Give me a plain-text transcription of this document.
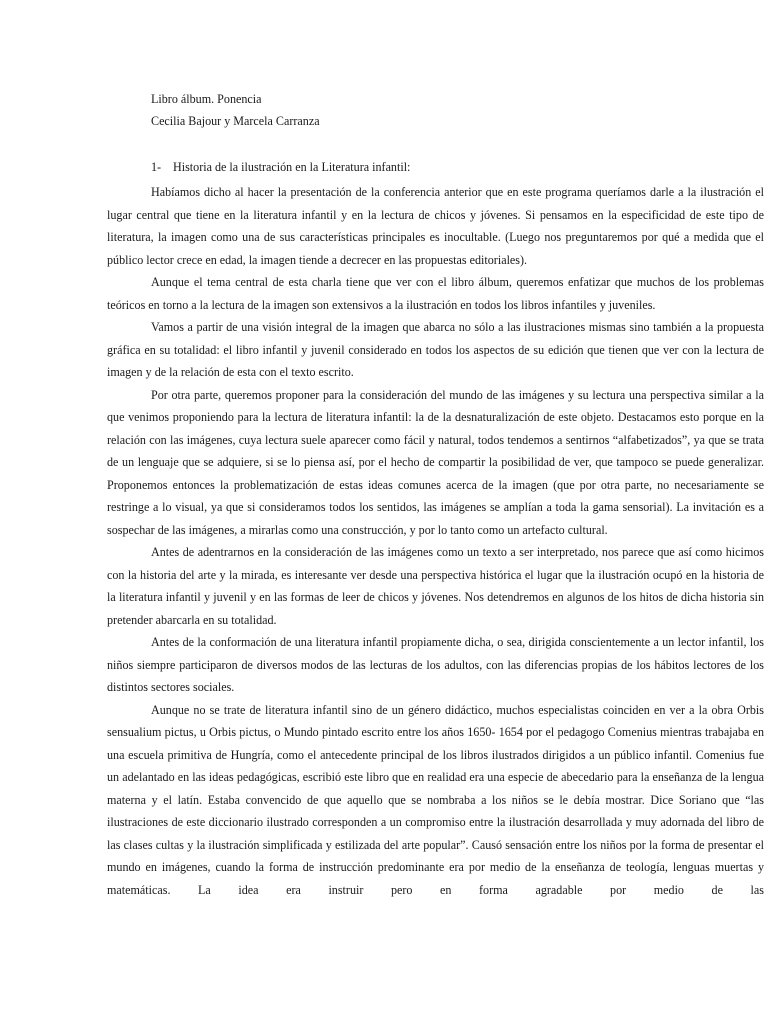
Libro álbum. Ponencia
Cecilia Bajour y Marcela Carranza
1- Historia de la ilustración en la Literatura infantil:

Habíamos dicho al hacer la presentación de la conferencia anterior que en este programa queríamos darle a la ilustración el lugar central que tiene en la literatura infantil y en la lectura de chicos y jóvenes. Si pensamos en la especificidad de este tipo de literatura, la imagen como una de sus características principales es inocultable. (Luego nos preguntaremos por qué a medida que el público lector crece en edad, la imagen tiende a decrecer en las propuestas editoriales).

Aunque el tema central de esta charla tiene que ver con el libro álbum, queremos enfatizar que muchos de los problemas teóricos en torno a la lectura de la imagen son extensivos a la ilustración en todos los libros infantiles y juveniles.

Vamos a partir de una visión integral de la imagen que abarca no sólo a las ilustraciones mismas sino también a la propuesta gráfica en su totalidad: el libro infantil y juvenil considerado en todos los aspectos de su edición que tienen que ver con la lectura de imagen y de la relación de esta con el texto escrito.

Por otra parte, queremos proponer para la consideración del mundo de las imágenes y su lectura una perspectiva similar a la que venimos proponiendo para la lectura de literatura infantil: la de la desnaturalización de este objeto. Destacamos esto porque en la relación con las imágenes, cuya lectura suele aparecer como fácil y natural, todos tendemos a sentirnos “alfabetizados”, ya que se trata de un lenguaje que se adquiere, si se lo piensa así, por el hecho de compartir la posibilidad de ver, que tampoco se puede generalizar. Proponemos entonces la problematización de estas ideas comunes acerca de la imagen (que por otra parte, no necesariamente se restringe a lo visual, ya que si consideramos todos los sentidos, las imágenes se amplían a toda la gama sensorial). La invitación es a sospechar de las imágenes, a mirarlas como una construcción, y por lo tanto como un artefacto cultural.

Antes de adentrarnos en la consideración de las imágenes como un texto a ser interpretado, nos parece que así como hicimos con la historia del arte y la mirada, es interesante ver desde una perspectiva histórica el lugar que la ilustración ocupó en la historia de la literatura infantil y juvenil y en las formas de leer de chicos y jóvenes. Nos detendremos en algunos de los hitos de dicha historia sin pretender abarcarla en su totalidad.

Antes de la conformación de una literatura infantil propiamente dicha, o sea, dirigida conscientemente a un lector infantil, los niños siempre participaron de diversos modos de las lecturas de los adultos, con las diferencias propias de los hábitos lectores de los distintos sectores sociales.

Aunque no se trate de literatura infantil sino de un género didáctico, muchos especialistas coinciden en ver a la obra Orbis sensualium pictus, u Orbis pictus, o Mundo pintado escrito entre los años 1650- 1654 por el pedagogo Comenius mientras trabajaba en una escuela primitiva de Hungría, como el antecedente principal de los libros ilustrados dirigidos a un público infantil. Comenius fue un adelantado en las ideas pedagógicas, escribió este libro que en realidad era una especie de abecedario para la enseñanza de la lengua materna y el latín. Estaba convencido de que aquello que se nombraba a los niños se le debía mostrar. Dice Soriano que “las ilustraciones de este diccionario ilustrado corresponden a un compromiso entre la ilustración desarrollada y muy adornada del libro de las clases cultas y la ilustración simplificada y estilizada del arte popular”. Causó sensación entre los niños por la forma de presentar el mundo en imágenes, cuando la forma de instrucción predominante era por medio de la enseñanza de teología, lenguas muertas y matemáticas. La idea era instruir pero en forma agradable por medio de las
